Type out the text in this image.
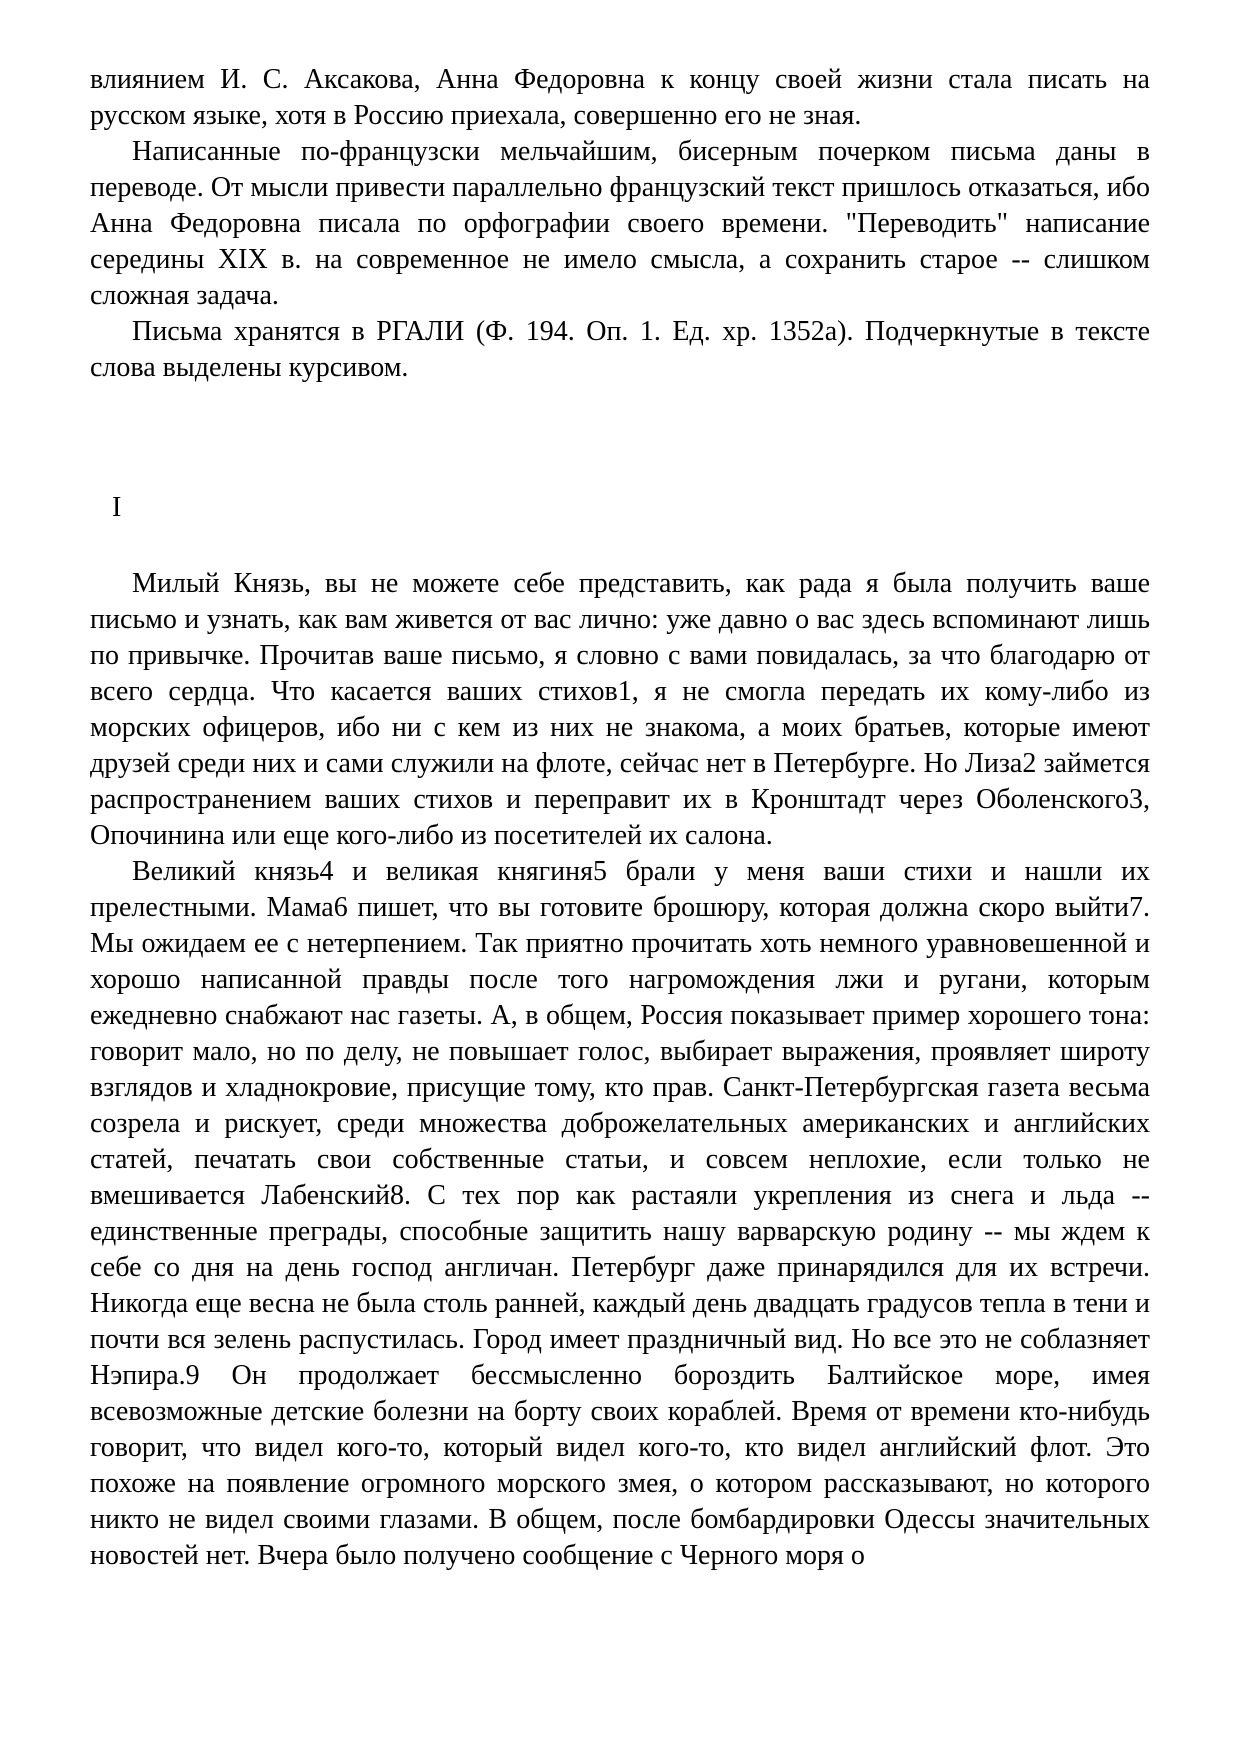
влиянием И. С. Аксакова, Анна Федоровна к концу своей жизни стала писать на русском языке, хотя в Россию приехала, совершенно его не зная.

Написанные по-французски мельчайшим, бисерным почерком письма даны в переводе. От мысли привести параллельно французский текст пришлось отказаться, ибо Анна Федоровна писала по орфографии своего времени. "Переводить" написание середины XIX в. на современное не имело смысла, а сохранить старое -- слишком сложная задача.

Письма хранятся в РГАЛИ (Ф. 194. Оп. 1. Ед. хр. 1352а). Подчеркнутые в тексте слова выделены курсивом.

I

Милый Князь, вы не можете себе представить, как рада я была получить ваше письмо и узнать, как вам живется от вас лично: уже давно о вас здесь вспоминают лишь по привычке. Прочитав ваше письмо, я словно с вами повидалась, за что благодарю от всего сердца. Что касается ваших стихов1, я не смогла передать их кому-либо из морских офицеров, ибо ни с кем из них не знакома, а моих братьев, которые имеют друзей среди них и сами служили на флоте, сейчас нет в Петербурге. Но Лиза2 займется распространением ваших стихов и переправит их в Кронштадт через Оболенского3, Опочинина или еще кого-либо из посетителей их салона.

Великий князь4 и великая княгиня5 брали у меня ваши стихи и нашли их прелестными. Мама6 пишет, что вы готовите брошюру, которая должна скоро выйти7. Мы ожидаем ее с нетерпением. Так приятно прочитать хоть немного уравновешенной и хорошо написанной правды после того нагромождения лжи и ругани, которым ежедневно снабжают нас газеты. А, в общем, Россия показывает пример хорошего тона: говорит мало, но по делу, не повышает голос, выбирает выражения, проявляет широту взглядов и хладнокровие, присущие тому, кто прав. Санкт-Петербургская газета весьма созрела и рискует, среди множества доброжелательных американских и английских статей, печатать свои собственные статьи, и совсем неплохие, если только не вмешивается Лабенский8. С тех пор как растаяли укрепления из снега и льда -- единственные преграды, способные защитить нашу варварскую родину -- мы ждем к себе со дня на день господ англичан. Петербург даже принарядился для их встречи. Никогда еще весна не была столь ранней, каждый день двадцать градусов тепла в тени и почти вся зелень распустилась. Город имеет праздничный вид. Но все это не соблазняет Нэпира.9 Он продолжает бессмысленно бороздить Балтийское море, имея всевозможные детские болезни на борту своих кораблей. Время от времени кто-нибудь говорит, что видел кого-то, который видел кого-то, кто видел английский флот. Это похоже на появление огромного морского змея, о котором рассказывают, но которого никто не видел своими глазами. В общем, после бомбардировки Одессы значительных новостей нет. Вчера было получено сообщение с Черного моря о
